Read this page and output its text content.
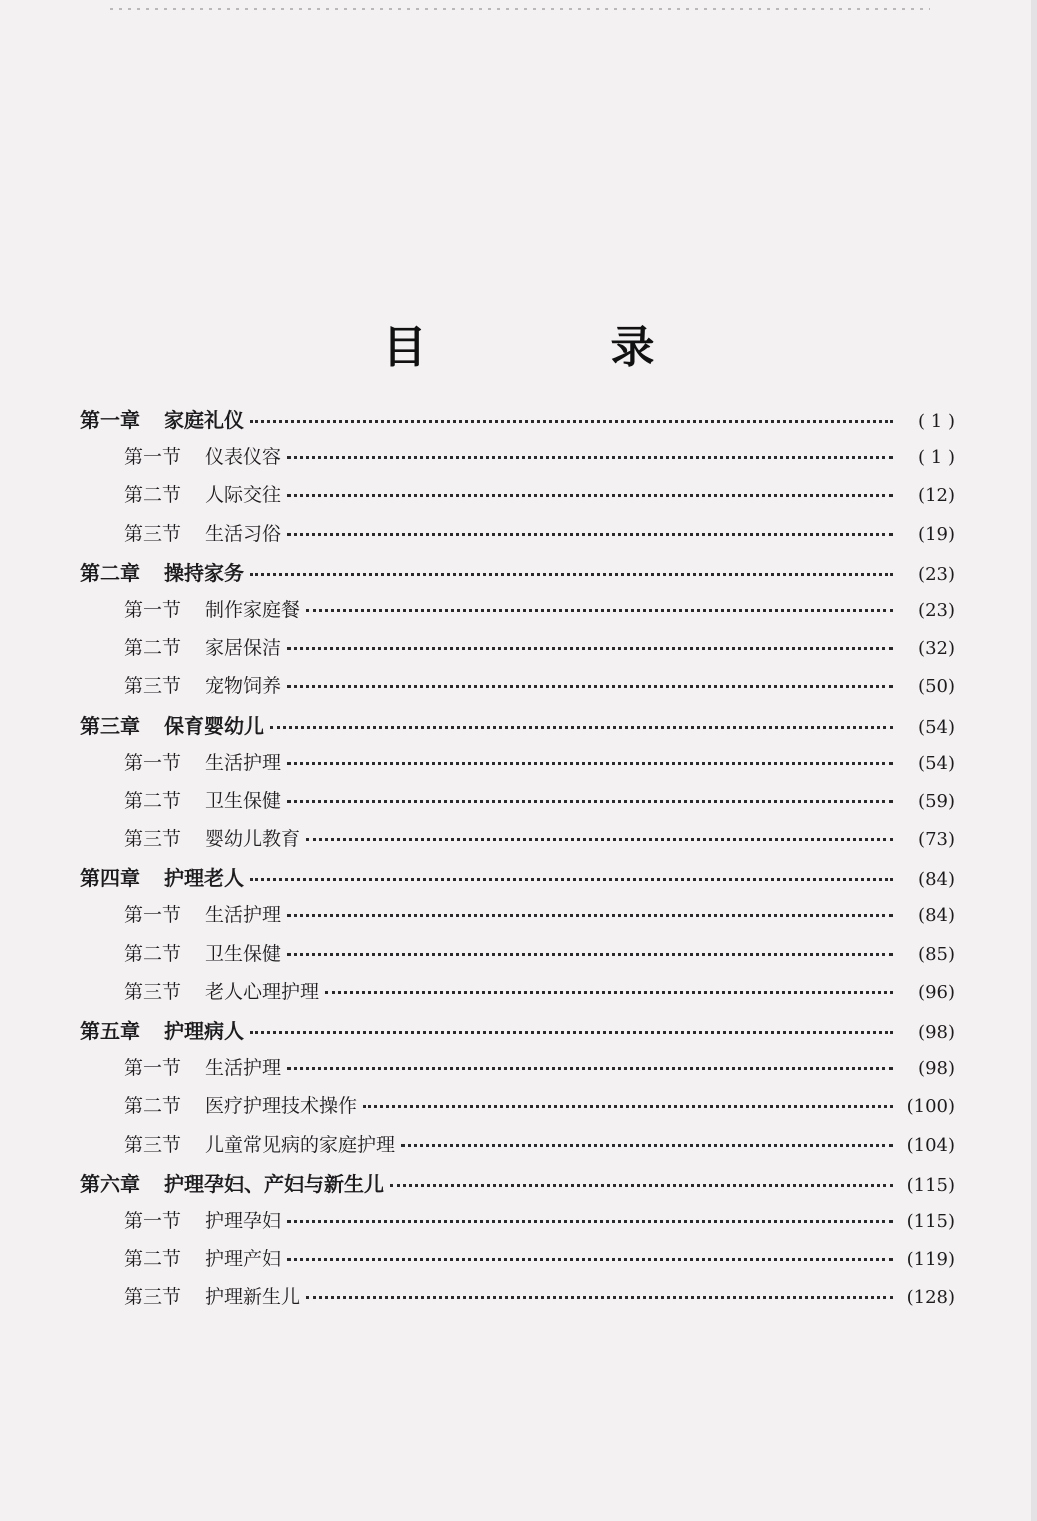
目　录
第一章 家庭礼仪	( 1 )
第一节 仪表仪容	( 1 )
第二节 人际交往	(12)
第三节 生活习俗	(19)
第二章 操持家务	(23)
第一节 制作家庭餐	(23)
第二节 家居保洁	(32)
第三节 宠物饲养	(50)
第三章 保育婴幼儿	(54)
第一节 生活护理	(54)
第二节 卫生保健	(59)
第三节 婴幼儿教育	(73)
第四章 护理老人	(84)
第一节 生活护理	(84)
第二节 卫生保健	(85)
第三节 老人心理护理	(96)
第五章 护理病人	(98)
第一节 生活护理	(98)
第二节 医疗护理技术操作	(100)
第三节 儿童常见病的家庭护理	(104)
第六章 护理孕妇、产妇与新生儿	(115)
第一节 护理孕妇	(115)
第二节 护理产妇	(119)
第三节 护理新生儿	(128)
